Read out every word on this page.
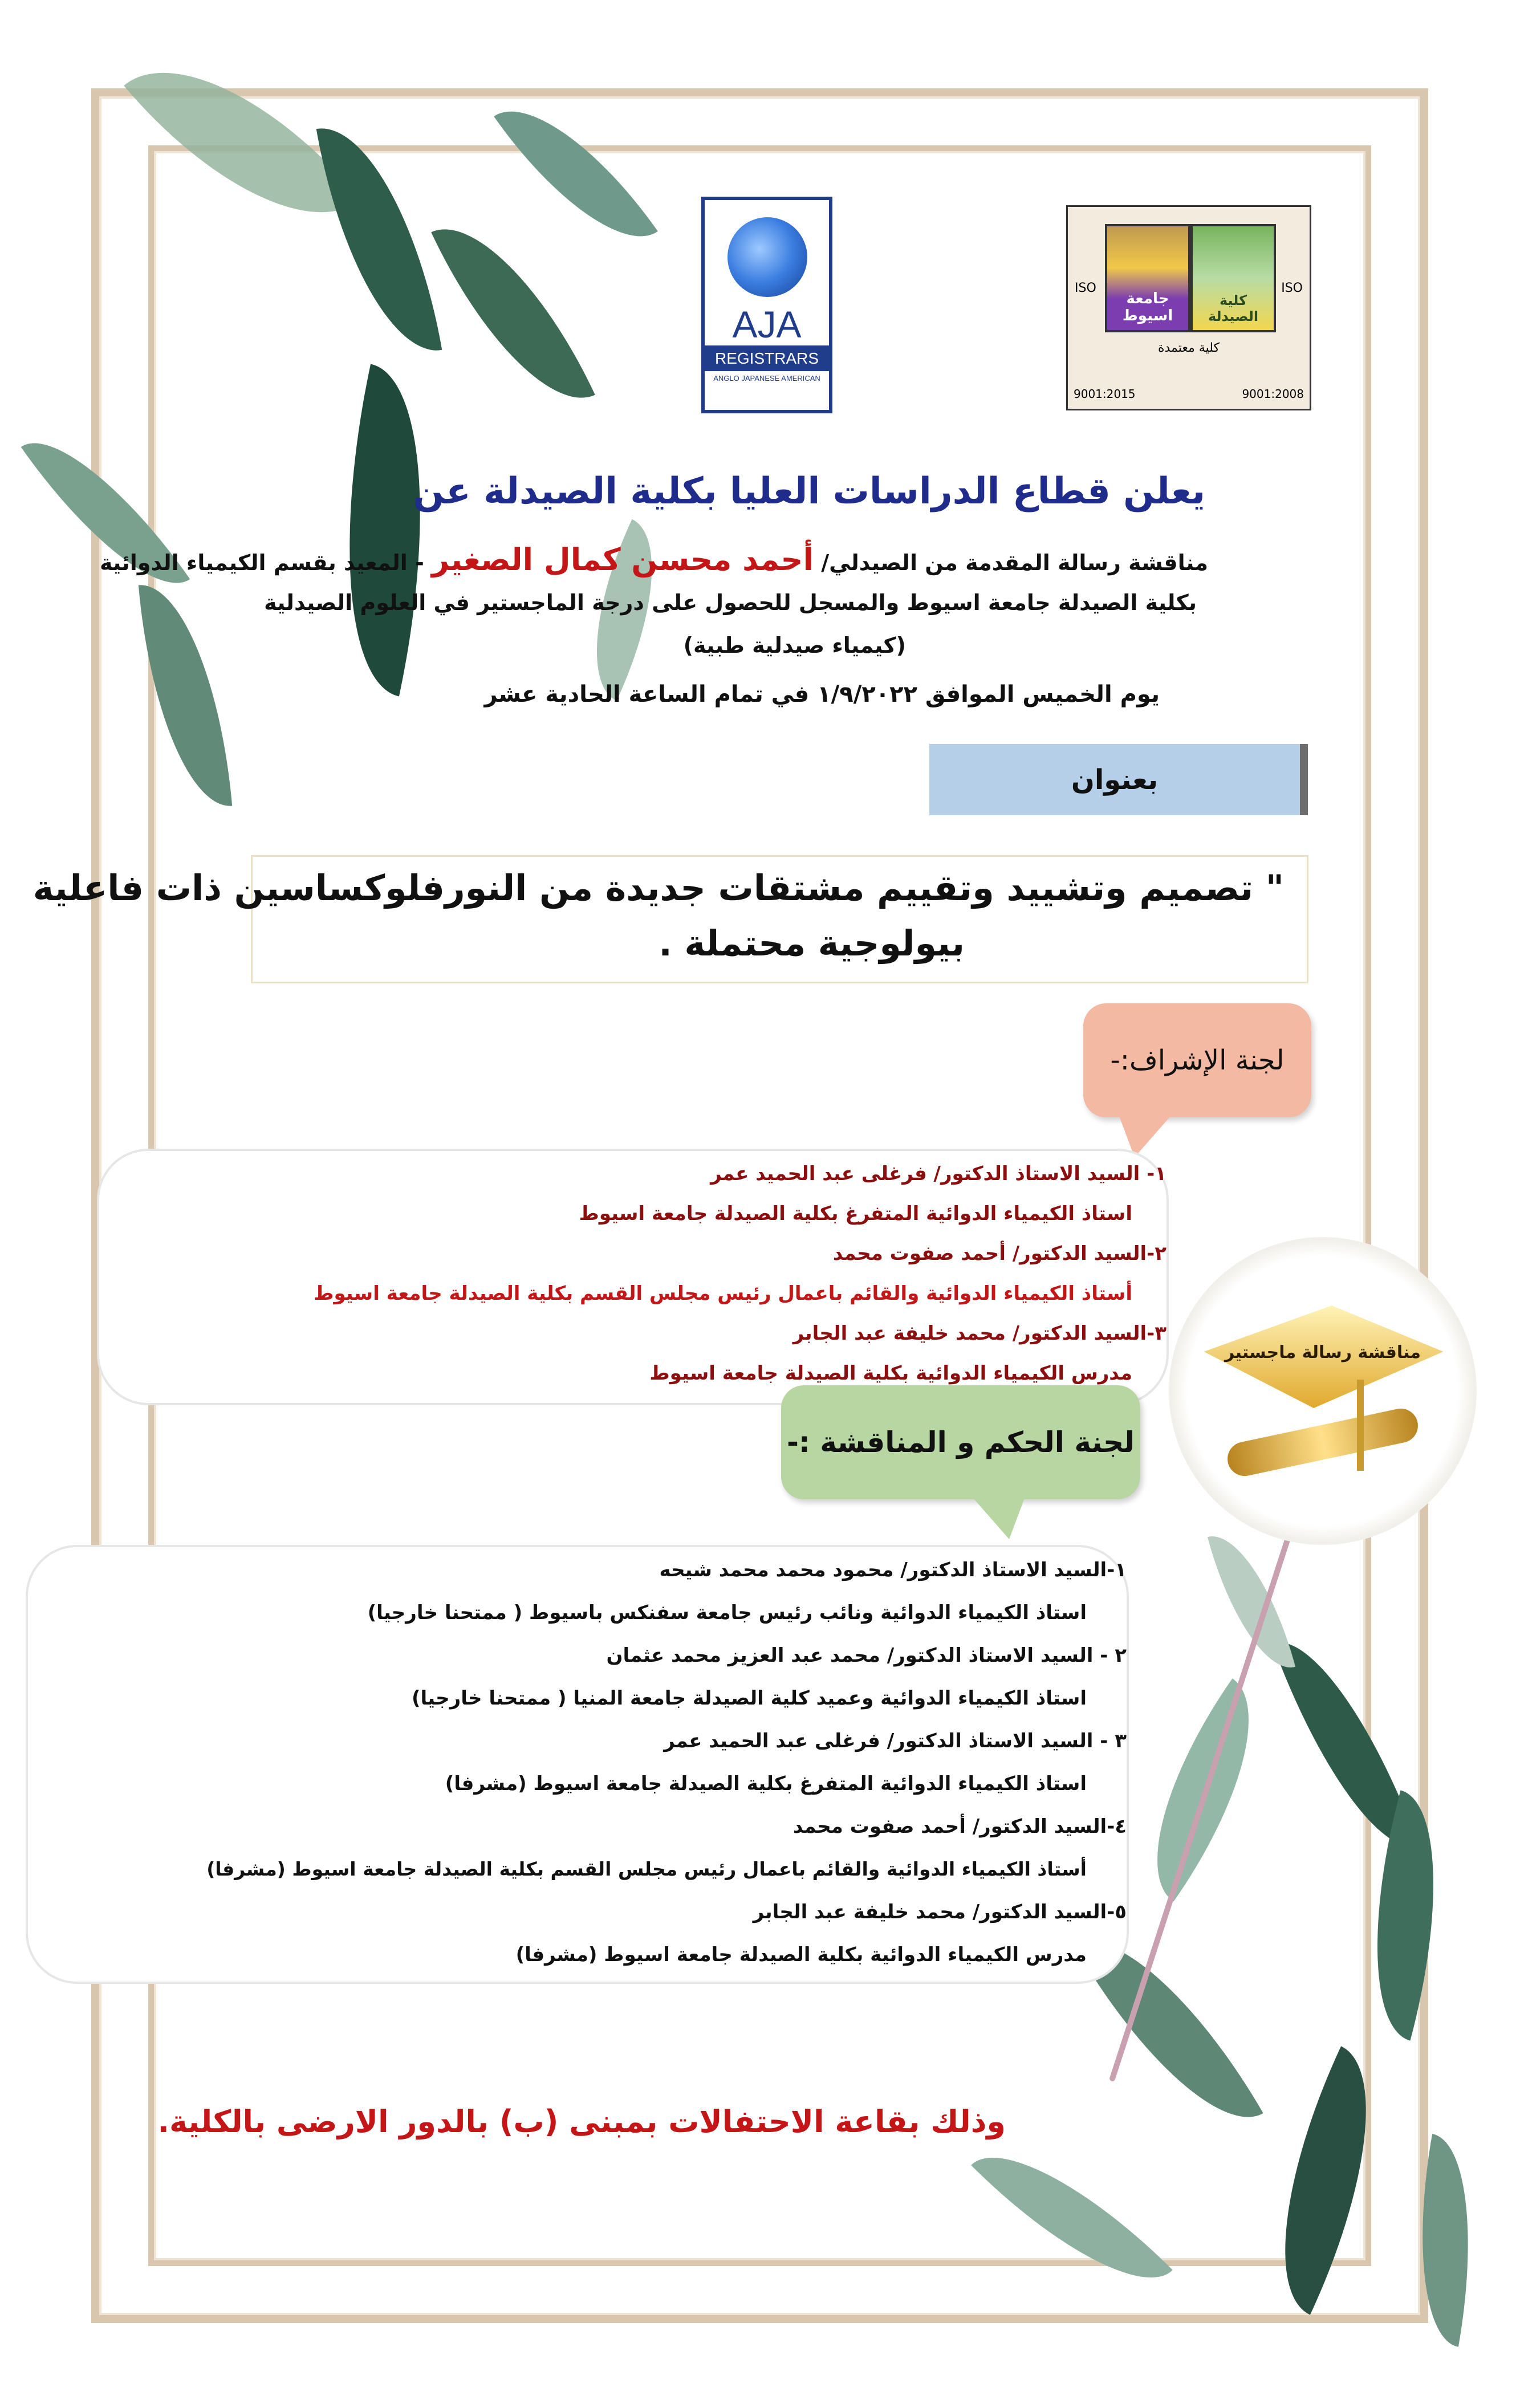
AJA
REGISTRARS
ANGLO JAPANESE AMERICAN
ISO	ISO
جامعة اسيوط
كلية الصيدلة
كلية معتمدة
9001:2015	9001:2008
يعلن قطاع الدراسات العليا بكلية الصيدلة عن
مناقشة رسالة المقدمة من الصيدلي/ أحمد محسن كمال الصغير - المعيد بقسم الكيمياء الدوائية
بكلية الصيدلة جامعة اسيوط والمسجل للحصول على درجة الماجستير في العلوم الصيدلية
(كيمياء صيدلية طبية)
يوم الخميس الموافق ١/٩/٢٠٢٢ في تمام الساعة الحادية عشر
بعنوان
" تصميم وتشييد وتقييم مشتقات جديدة من النورفلوكساسين ذات فاعلية
بيولوجية محتملة .
لجنة الإشراف:-
١- السيد الاستاذ الدكتور/ فرغلى عبد الحميد عمر
استاذ الكيمياء الدوائية المتفرغ بكلية الصيدلة جامعة اسيوط
٢-السيد الدكتور/ أحمد صفوت محمد
أستاذ الكيمياء الدوائية والقائم باعمال رئيس مجلس القسم بكلية الصيدلة جامعة اسيوط
٣-السيد الدكتور/ محمد خليفة عبد الجابر
مدرس الكيمياء الدوائية بكلية الصيدلة جامعة اسيوط
مناقشة رسالة ماجستير
لجنة الحكم و المناقشة :-
١-السيد الاستاذ الدكتور/ محمود محمد محمد شيحه
استاذ الكيمياء الدوائية ونائب رئيس جامعة سفنكس باسيوط ( ممتحنا خارجيا)
٢ - السيد الاستاذ الدكتور/ محمد عبد العزيز محمد عثمان
استاذ الكيمياء الدوائية وعميد كلية الصيدلة جامعة المنيا ( ممتحنا خارجيا)
٣ - السيد الاستاذ الدكتور/ فرغلى عبد الحميد عمر
استاذ الكيمياء الدوائية المتفرغ بكلية الصيدلة جامعة اسيوط (مشرفا)
٤-السيد الدكتور/ أحمد صفوت محمد
أستاذ الكيمياء الدوائية والقائم باعمال رئيس مجلس القسم بكلية الصيدلة جامعة اسيوط (مشرفا)
٥-السيد الدكتور/ محمد خليفة عبد الجابر
مدرس الكيمياء الدوائية بكلية الصيدلة جامعة اسيوط (مشرفا)
وذلك بقاعة الاحتفالات بمبنى (ب) بالدور الارضى بالكلية.
